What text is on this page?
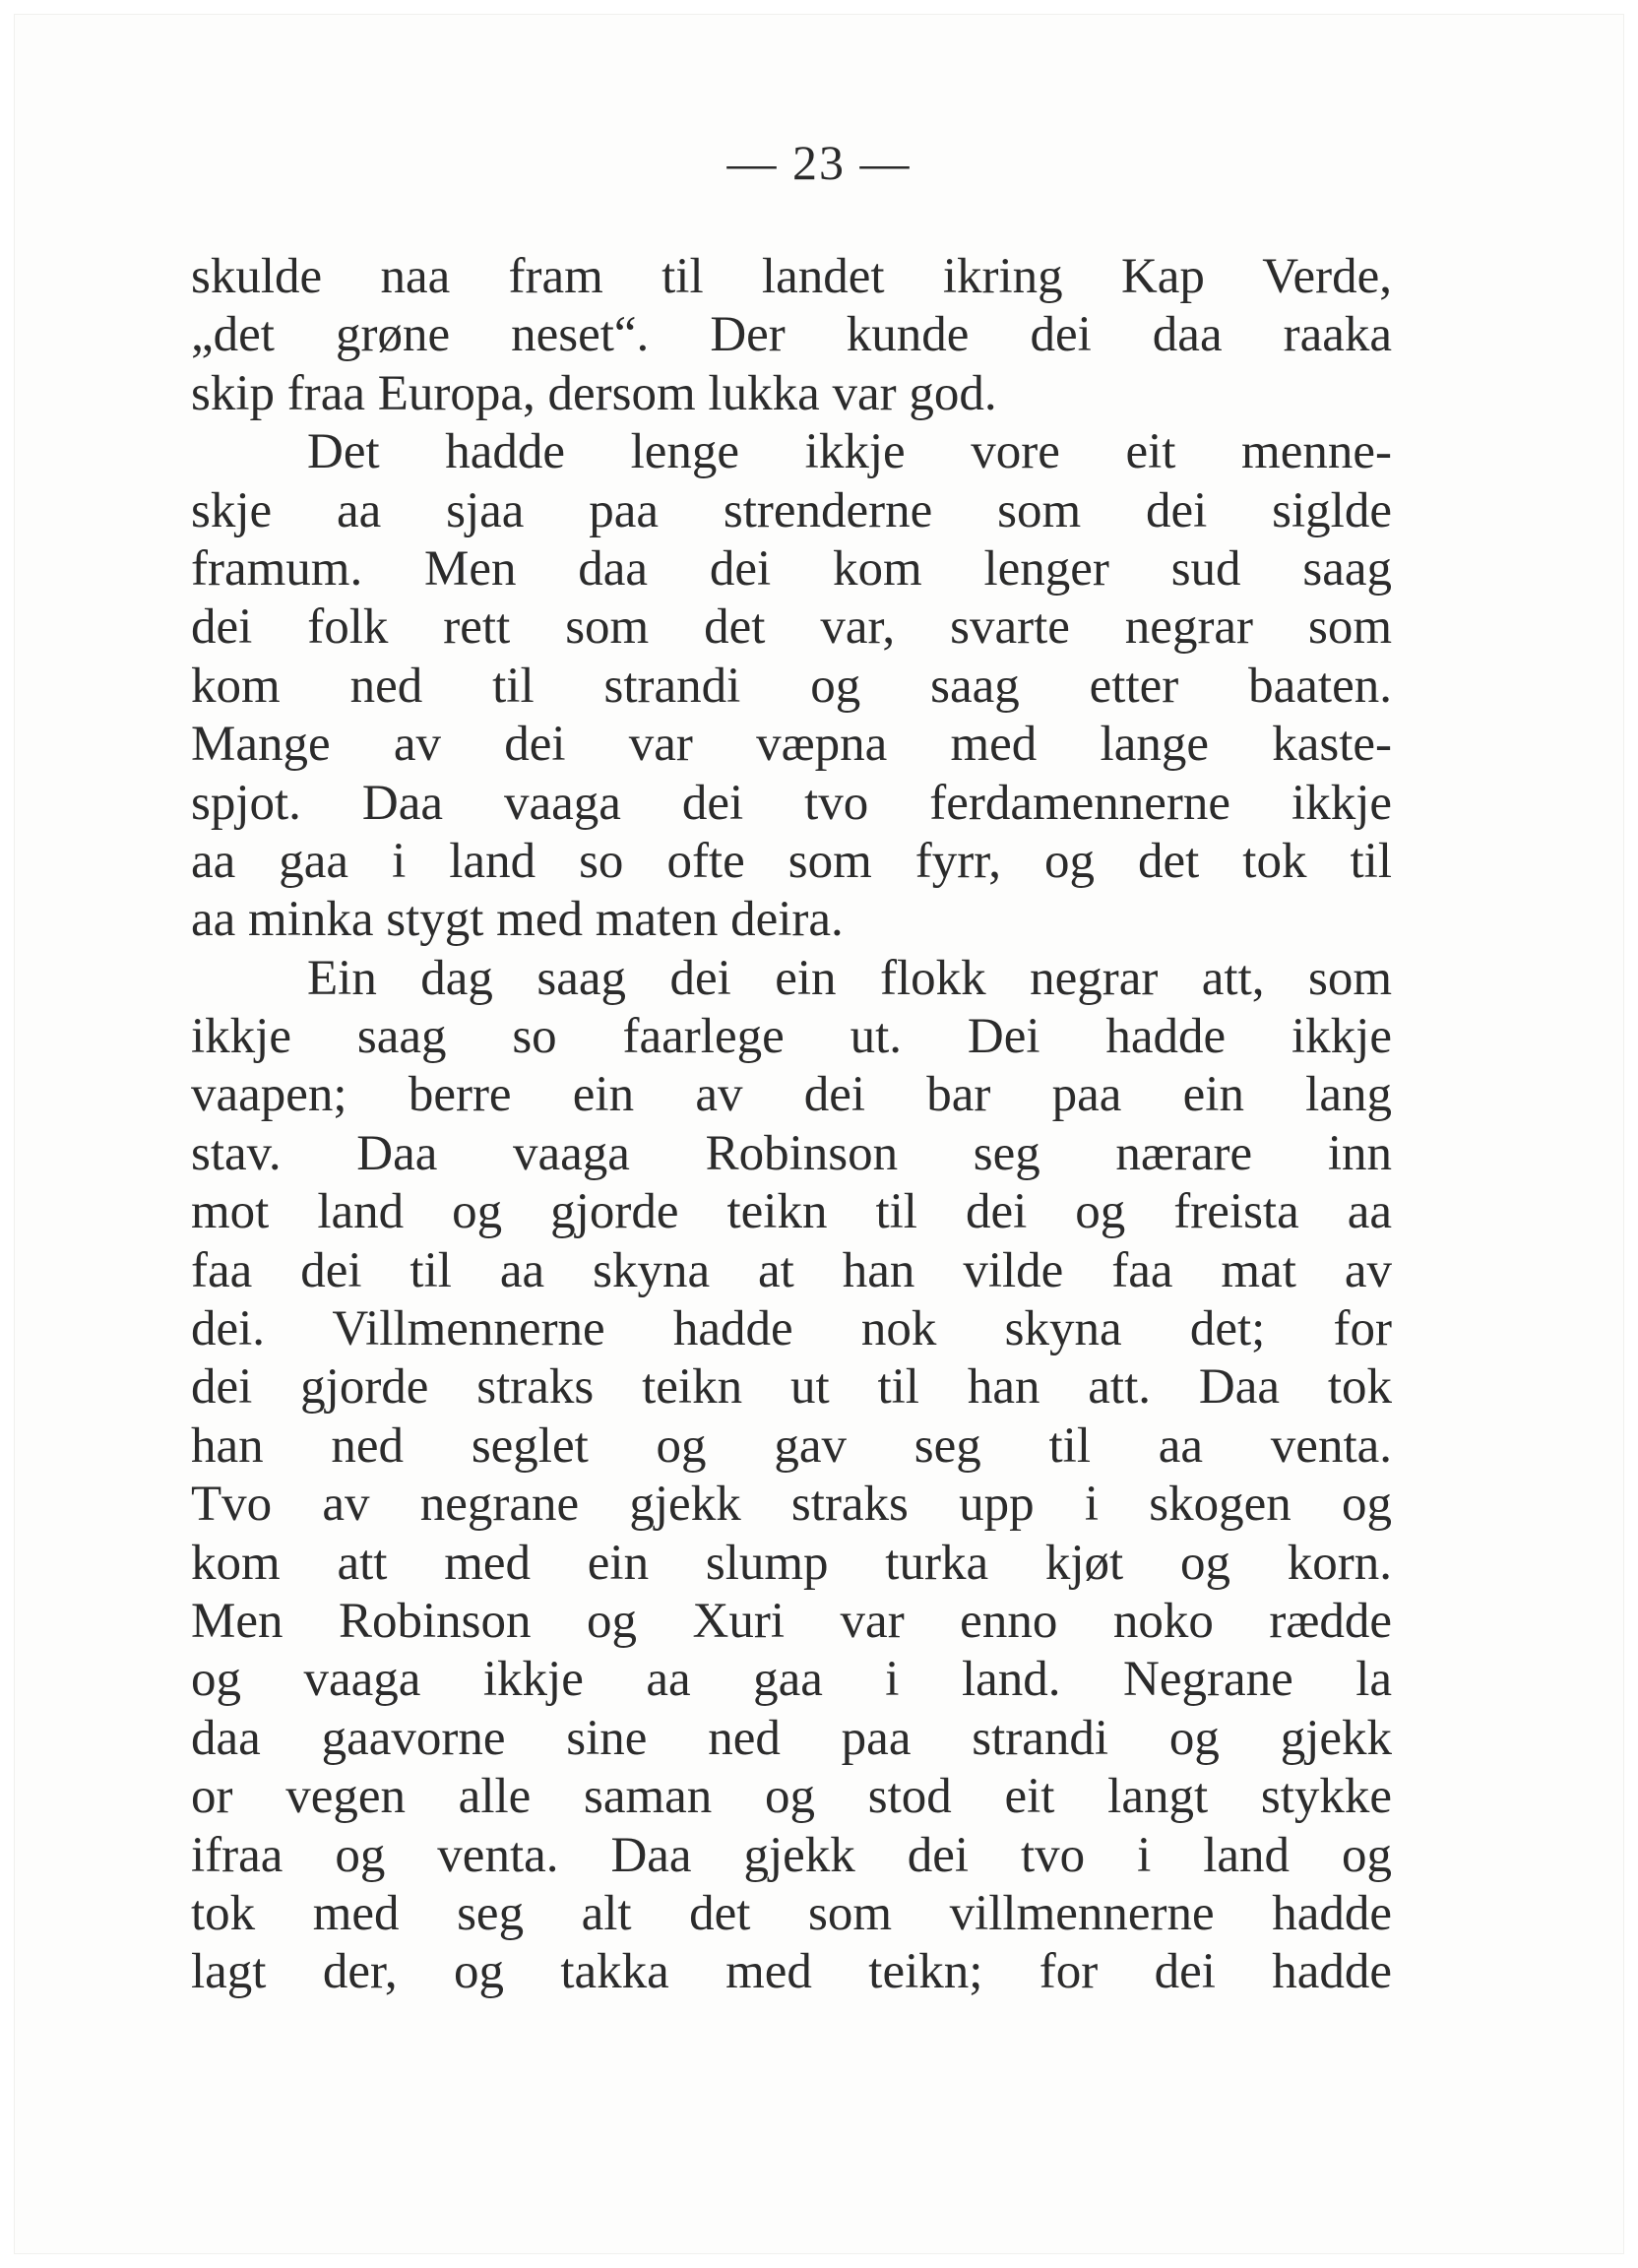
— 23 —
skulde naa fram til landet ikring Kap Verde,
„det grøne neset“. Der kunde dei daa raaka
skip fraa Europa, dersom lukka var god.
Det hadde lenge ikkje vore eit menne-
skje aa sjaa paa strenderne som dei siglde
framum. Men daa dei kom lenger sud saag
dei folk rett som det var, svarte negrar som
kom ned til strandi og saag etter baaten.
Mange av dei var væpna med lange kaste-
spjot. Daa vaaga dei tvo ferdamennerne ikkje
aa gaa i land so ofte som fyrr, og det tok til
aa minka stygt med maten deira.
Ein dag saag dei ein flokk negrar att, som
ikkje saag so faarlege ut. Dei hadde ikkje
vaapen; berre ein av dei bar paa ein lang
stav. Daa vaaga Robinson seg nærare inn
mot land og gjorde teikn til dei og freista aa
faa dei til aa skyna at han vilde faa mat av
dei. Villmennerne hadde nok skyna det; for
dei gjorde straks teikn ut til han att. Daa tok
han ned seglet og gav seg til aa venta.
Tvo av negrane gjekk straks upp i skogen og
kom att med ein slump turka kjøt og korn.
Men Robinson og Xuri var enno noko rædde
og vaaga ikkje aa gaa i land. Negrane la
daa gaavorne sine ned paa strandi og gjekk
or vegen alle saman og stod eit langt stykke
ifraa og venta. Daa gjekk dei tvo i land og
tok med seg alt det som villmennerne hadde
lagt der, og takka med teikn; for dei hadde
